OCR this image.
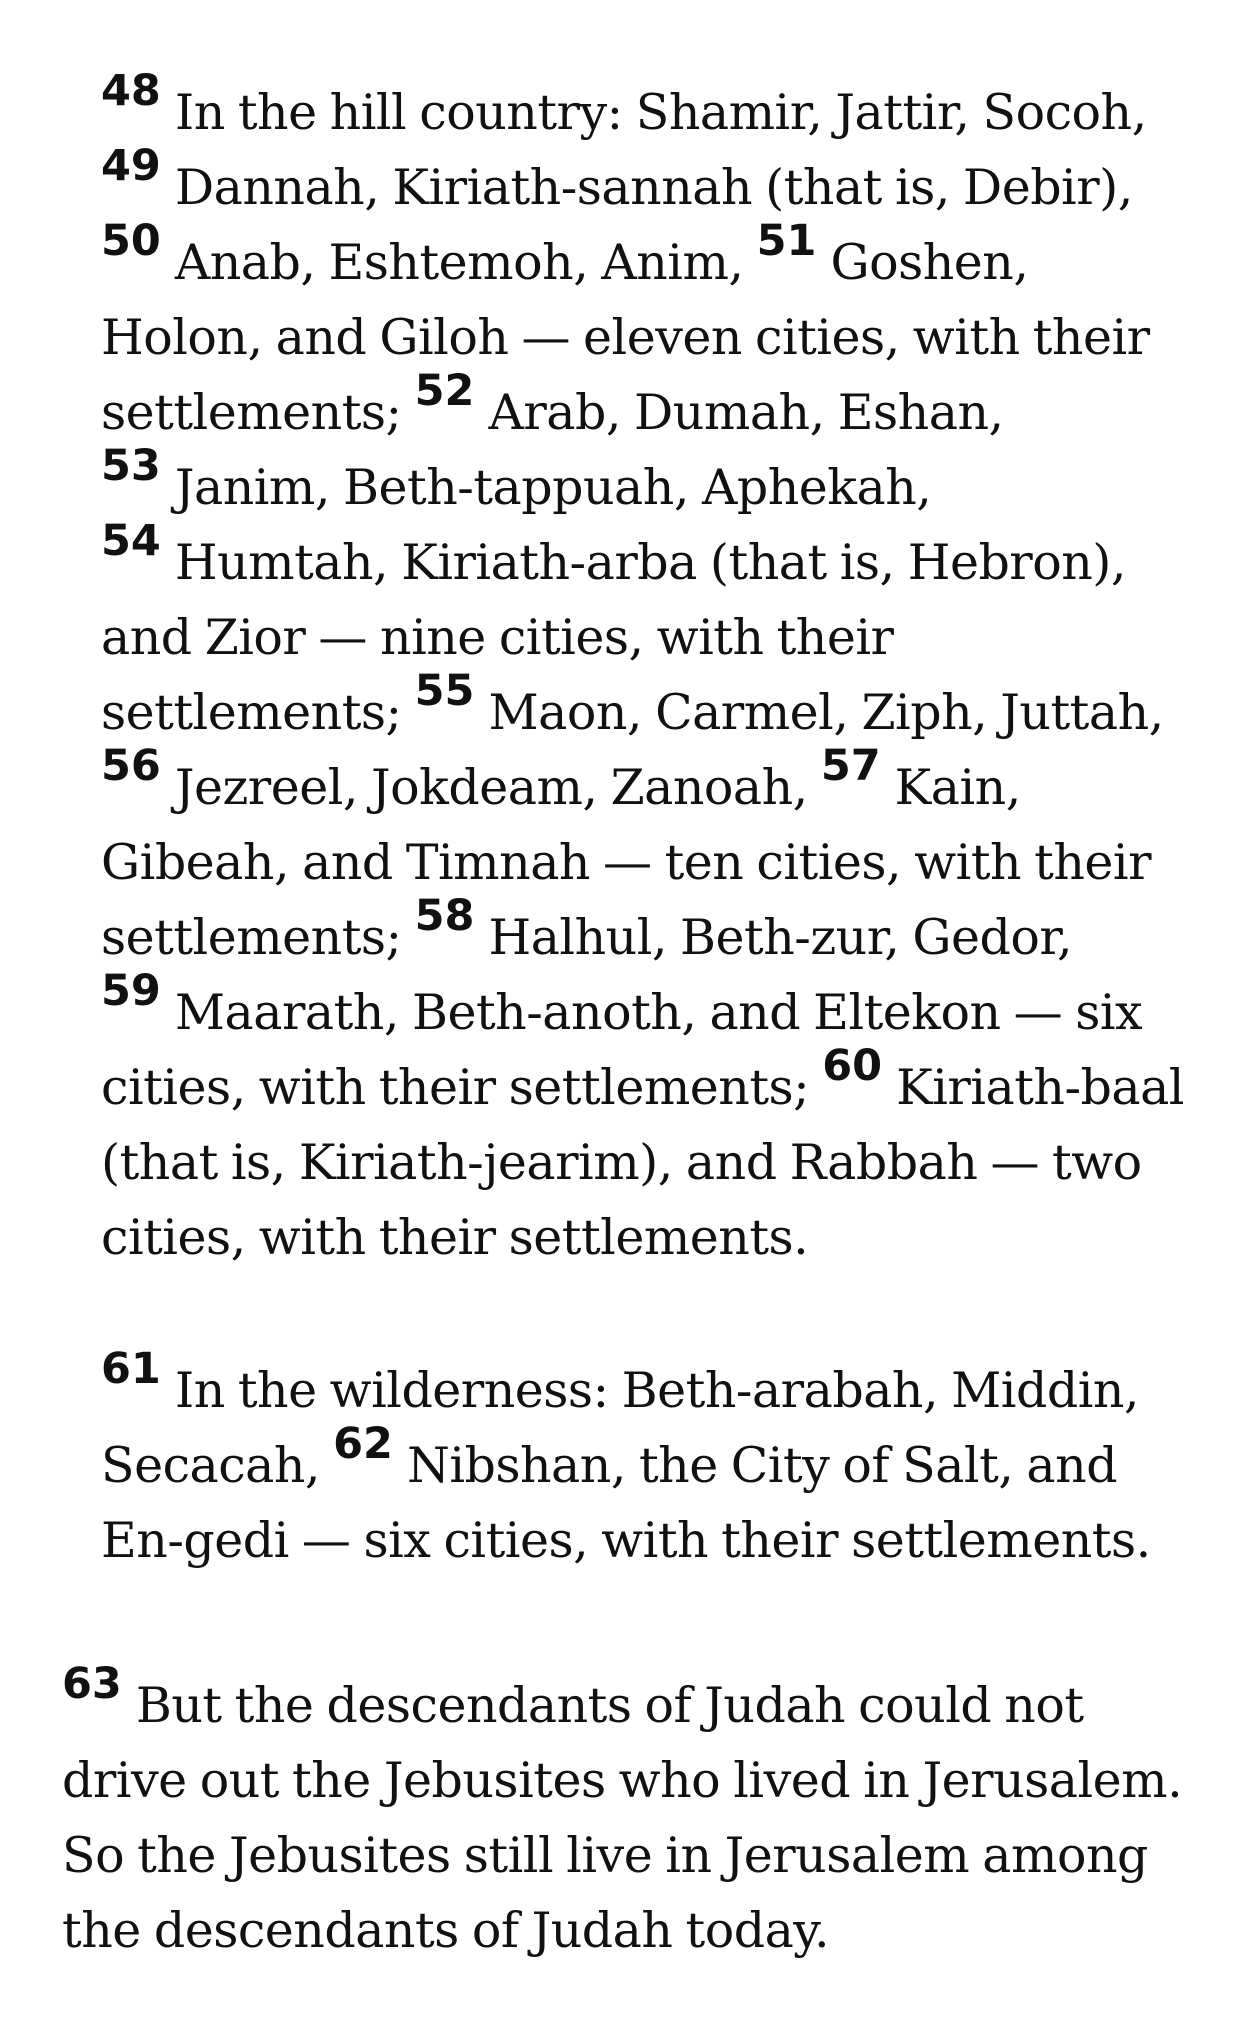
48 In the hill country: Shamir, Jattir, Socoh, 49 Dannah, Kiriath-sannah (that is, Debir), 50 Anab, Eshtemoh, Anim, 51 Goshen, Holon, and Giloh — eleven cities, with their settlements; 52 Arab, Dumah, Eshan, 53 Janim, Beth-tappuah, Aphekah, 54 Humtah, Kiriath-arba (that is, Hebron), and Zior — nine cities, with their settlements; 55 Maon, Carmel, Ziph, Juttah, 56 Jezreel, Jokdeam, Zanoah, 57 Kain, Gibeah, and Timnah — ten cities, with their settlements; 58 Halhul, Beth-zur, Gedor, 59 Maarath, Beth-anoth, and Eltekon — six cities, with their settlements; 60 Kiriath-baal (that is, Kiriath-jearim), and Rabbah — two cities, with their settlements.

61 In the wilderness: Beth-arabah, Middin, Secacah, 62 Nibshan, the City of Salt, and En-gedi — six cities, with their settlements.

63 But the descendants of Judah could not drive out the Jebusites who lived in Jerusalem. So the Jebusites still live in Jerusalem among the descendants of Judah today.
